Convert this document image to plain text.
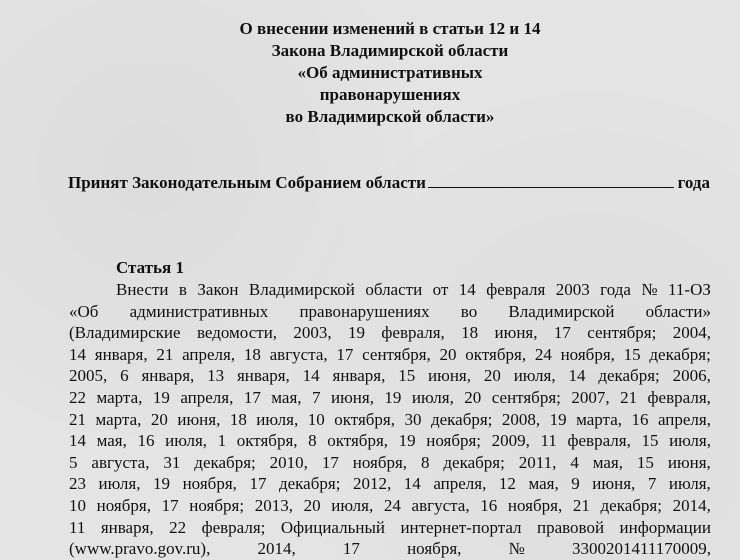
О внесении изменений в статьи 12 и 14
Закона Владимирской области
«Об административных
правонарушениях
во Владимирской области»
Принят Законодательным Собранием области	года
Статья 1
Внести в Закон Владимирской области от 14 февраля 2003 года № 11-ОЗ
«Об административных правонарушениях во Владимирской области»
(Владимирские ведомости, 2003, 19 февраля, 18 июня, 17 сентября; 2004,
14 января, 21 апреля, 18 августа, 17 сентября, 20 октября, 24 ноября, 15 декабря;
2005, 6 января, 13 января, 14 января, 15 июня, 20 июля, 14 декабря; 2006,
22 марта, 19 апреля, 17 мая, 7 июня, 19 июля, 20 сентября; 2007, 21 февраля,
21 марта, 20 июня, 18 июля, 10 октября, 30 декабря; 2008, 19 марта, 16 апреля,
14 мая, 16 июля, 1 октября, 8 октября, 19 ноября; 2009, 11 февраля, 15 июля,
5 августа, 31 декабря; 2010, 17 ноября, 8 декабря; 2011, 4 мая, 15 июня,
23 июля, 19 ноября, 17 декабря; 2012, 14 апреля, 12 мая, 9 июня, 7 июля,
10 ноября, 17 ноября; 2013, 20 июля, 24 августа, 16 ноября, 21 декабря; 2014,
11 января, 22 февраля; Официальный интернет-портал правовой информации
(www.pravo.gov.ru),	2014,	17	ноября,	№	3300201411170009,
